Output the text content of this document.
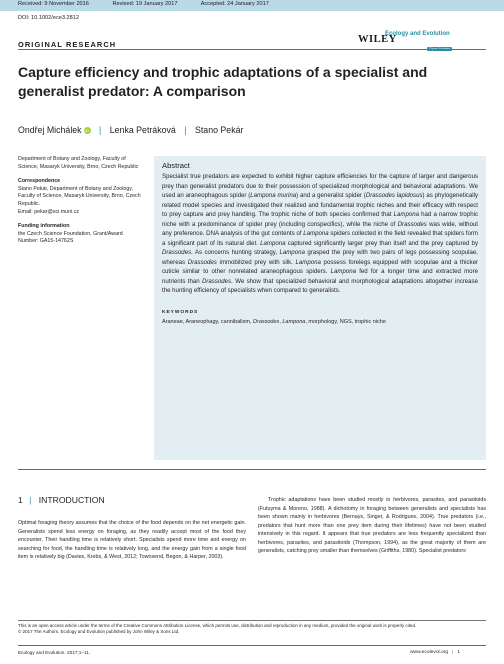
Received: 9 November 2016	Revised: 19 January 2017	Accepted: 24 January 2017
DOI: 10.1002/ece3.2812
ORIGINAL RESEARCH	WILEY
Ecology and Evolution
Open Access
Capture efficiency and trophic adaptations of a specialist and generalist predator: A comparison
Ondřej Michálek iD | Lenka Petráková | Stano Pekár
Department of Botany and Zoology, Faculty of Science, Masaryk University, Brno, Czech Republic
Correspondence
Stano Pekár, Department of Botany and Zoology, Faculty of Science, Masaryk University, Brno, Czech Republic.
Email: pekar@sci.muni.cz
Funding information
the Czech Science Foundation, Grant/Award Number: GA15-14762S
Abstract

Specialist true predators are expected to exhibit higher capture efficiencies for the capture of larger and dangerous prey than generalist predators due to their possession of specialized morphological and behavioral adaptations. We used an araneophagous spider (Lampona murina) and a generalist spider (Drassodes lapidosus) as phylogenetically related model species and investigated their realized and fundamental trophic niches and their efficacy with respect to prey capture and prey handling. The trophic niche of both species confirmed that Lampona had a narrow trophic niche with a predominance of spider prey (including conspecifics), while the niche of Drassodes was wide, without any preference. DNA analysis of the gut contents of Lampona spiders collected in the field revealed that spiders form a significant part of its natural diet. Lampona captured significantly larger prey than itself and the prey captured by Drassodes. As concerns hunting strategy, Lampona grasped the prey with two pairs of legs possessing scopulae, whereas Drassodes immobilized prey with silk. Lampona possess forelegs equipped with scopulae and a thicker cuticle similar to other nonrelated araneophagous spiders. Lampona fed for a longer time and extracted more nutrients than Drassodes. We show that specialized behavioral and morphological adaptations altogether increase the hunting efficiency of specialists when compared to generalists.

KEYWORDS

Araneae, Araneophagy, cannibalism, Drassodes, Lampona, morphology, NGS, trophic niche

1 | INTRODUCTION

Optimal foraging theory assumes that the choice of the food depends on the net energetic gain. Generalists spend less energy on foraging, as they readily accept most of the food they encounter. Their handling time is relatively short. Specialists spend more time and energy on searching for food, the handling time is relatively long, and the energy gain from a single food item is relatively big (Davies, Krebs, & West, 2012; Townsend, Begon, & Harper, 2003).

Trophic adaptations have been studied mostly in herbivores, parasites, and parasitoids (Futuyma & Moreno, 1988). A dichotomy in foraging between generalists and specialists has been shown mainly in herbivores (Bernays, Singer, & Rodrigues, 2004). True predators (i.e., predators that hunt more than one prey item during their lifetimes) have not been studied intensively in this regard. It appears that true predators are less frequently specialized than herbivores, parasites, and parasitoids (Thompson, 1994), as the great majority of them are generalists, catching prey smaller than themselves (Griffiths, 1980). Specialist predators

This is an open access article under the terms of the Creative Commons Attribution License, which permits use, distribution and reproduction in any medium, provided the original work is properly cited.
© 2017 The Authors. Ecology and Evolution published by John Wiley & Sons Ltd.
Ecology and Evolution. 2017;1–11.	www.ecolevol.org | 1
